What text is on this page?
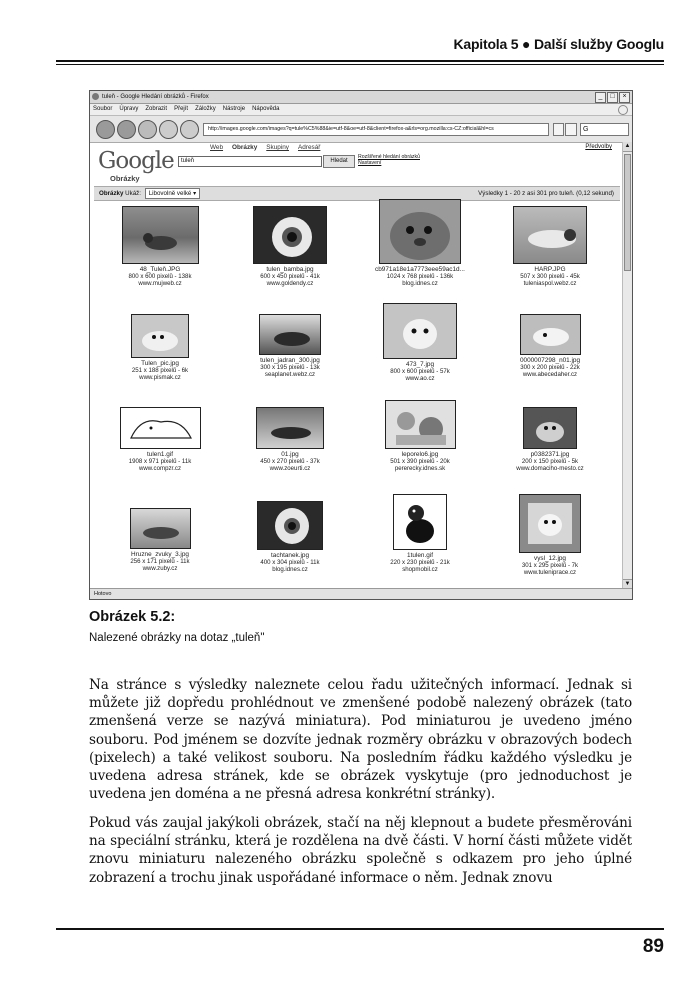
Kapitola 5 ● Další služby Googlu
tuleň - Google Hledání obrázků - Firefox	_	□	×
Soubor Úpravy Zobrazit Přejít Záložky Nástroje Nápověda
http://images.google.com/images?q=tule%C5%88&ie=utf-8&oe=utf-8&client=firefox-a&rls=org.mozilla:cs-CZ:official&hl=cs	G
Google
Obrázky
Web Obrázky Skupiny Adresář	Předvolby
tuleň	Hledat
Rozšířené hledání obrázků
Nastavení
Obrázky Ukáž: Libovolně velké ▾	Výsledky 1 - 20 z asi 301 pro tuleň. (0,12 sekund)
48_Tuleň.JPG
800 x 600 pixelů - 138k
www.mujweb.cz
tulen_bamba.jpg
600 x 450 pixelů - 41k
www.goldendy.cz
cb971a18e1a7773eee59ac1d...
1024 x 768 pixelů - 136k
blog.idnes.cz
HARP.JPG
507 x 300 pixelů - 45k
tuleniaspol.webz.cz
Tulen_pic.jpg
251 x 188 pixelů - 6k
www.pismak.cz
tulen_jadran_300.jpg
300 x 195 pixelů - 13k
seaplanet.webz.cz
473_7.jpg
800 x 600 pixelů - 57k
www.ao.cz
0000007298_n01.jpg
300 x 200 pixelů - 22k
www.abecedaher.cz
tulen1.gif
1908 x 971 pixelů - 11k
www.compzr.cz
01.jpg
450 x 270 pixelů - 37k
www.zoeurti.cz
leporelo6.jpg
501 x 390 pixelů - 20k
pererecky.idnes.sk
p0382371.jpg
200 x 150 pixelů - 5k
www.domaciho-mesto.cz
Hruzne_zvuky_3.jpg
256 x 171 pixelů - 11k
www.zuby.cz
tachtanek.jpg
400 x 304 pixelů - 11k
blog.idnes.cz
1tulen.gif
220 x 230 pixelů - 21k
shopmobil.cz
vysl_12.jpg
301 x 295 pixelů - 7k
www.tuleniprace.cz
▲
▼
Hotovo
Obrázek 5.2:
Nalezené obrázky na dotaz „tuleň"
Na stránce s výsledky naleznete celou řadu užitečných informací. Jednak si můžete již dopředu prohlédnout ve zmenšené podobě nalezený obrázek (tato zmenšená verze se nazývá miniatura). Pod miniaturou je uvedeno jméno souboru. Pod jménem se dozvíte jednak rozměry obrázku v obrazových bodech (pixelech) a také velikost souboru. Na posledním řádku každého výsledku je uvedena adresa stránek, kde se obrázek vyskytuje (pro jednoduchost je uvedena jen doména a ne přesná adresa konkrétní stránky).
Pokud vás zaujal jakýkoli obrázek, stačí na něj klepnout a budete přesměrováni na speciální stránku, která je rozdělena na dvě části. V horní části můžete vidět znovu miniaturu nalezeného obrázku společně s odkazem pro jeho úplné zobrazení a trochu jinak uspořádané informace o něm. Jednak znovu
89
